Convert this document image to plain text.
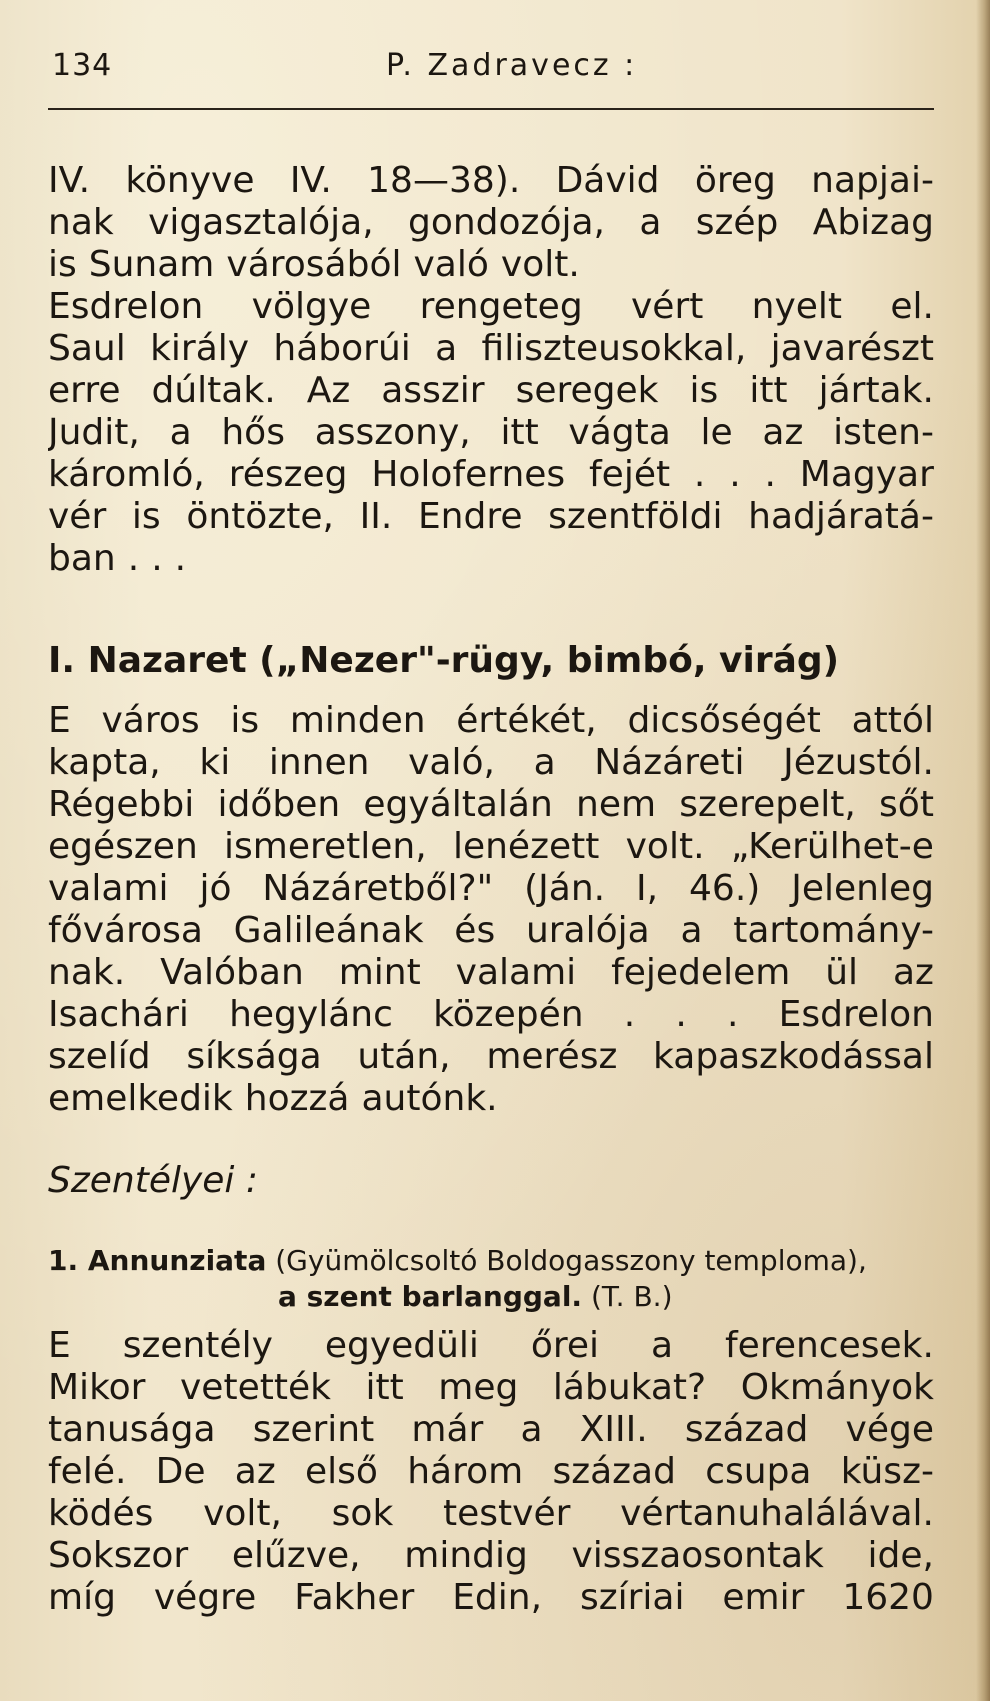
134	P. Zadravecz :
IV. könyve IV. 18—38). Dávid öreg napjai-
nak vigasztalója, gondozója, a szép Abizag
is Sunam városából való volt.
Esdrelon völgye rengeteg vért nyelt el.
Saul király háborúi a filiszteusokkal, javarészt
erre dúltak. Az asszir seregek is itt jártak.
Judit, a hős asszony, itt vágta le az isten-
káromló, részeg Holofernes fejét . . . Magyar
vér is öntözte, II. Endre szentföldi hadjáratá-
ban . . .
I. Nazaret („Nezer"-rügy, bimbó, virág)
E város is minden értékét, dicsőségét attól
kapta, ki innen való, a Názáreti Jézustól.
Régebbi időben egyáltalán nem szerepelt, sőt
egészen ismeretlen, lenézett volt. „Kerülhet-e
valami jó Názáretből?" (Ján. I, 46.) Jelenleg
fővárosa Galileának és uralója a tartomány-
nak. Valóban mint valami fejedelem ül az
Isachári hegylánc közepén . . . Esdrelon
szelíd síksága után, merész kapaszkodással
emelkedik hozzá autónk.
Szentélyei :
1. Annunziata (Gyümölcsoltó Boldogasszony temploma),
a szent barlanggal. (T. B.)
E szentély egyedüli őrei a ferencesek.
Mikor vetették itt meg lábukat? Okmányok
tanusága szerint már a XIII. század vége
felé. De az első három század csupa küsz-
ködés volt, sok testvér vértanuhalálával.
Sokszor elűzve, mindig visszaosontak ide,
míg végre Fakher Edin, szíriai emir 1620
